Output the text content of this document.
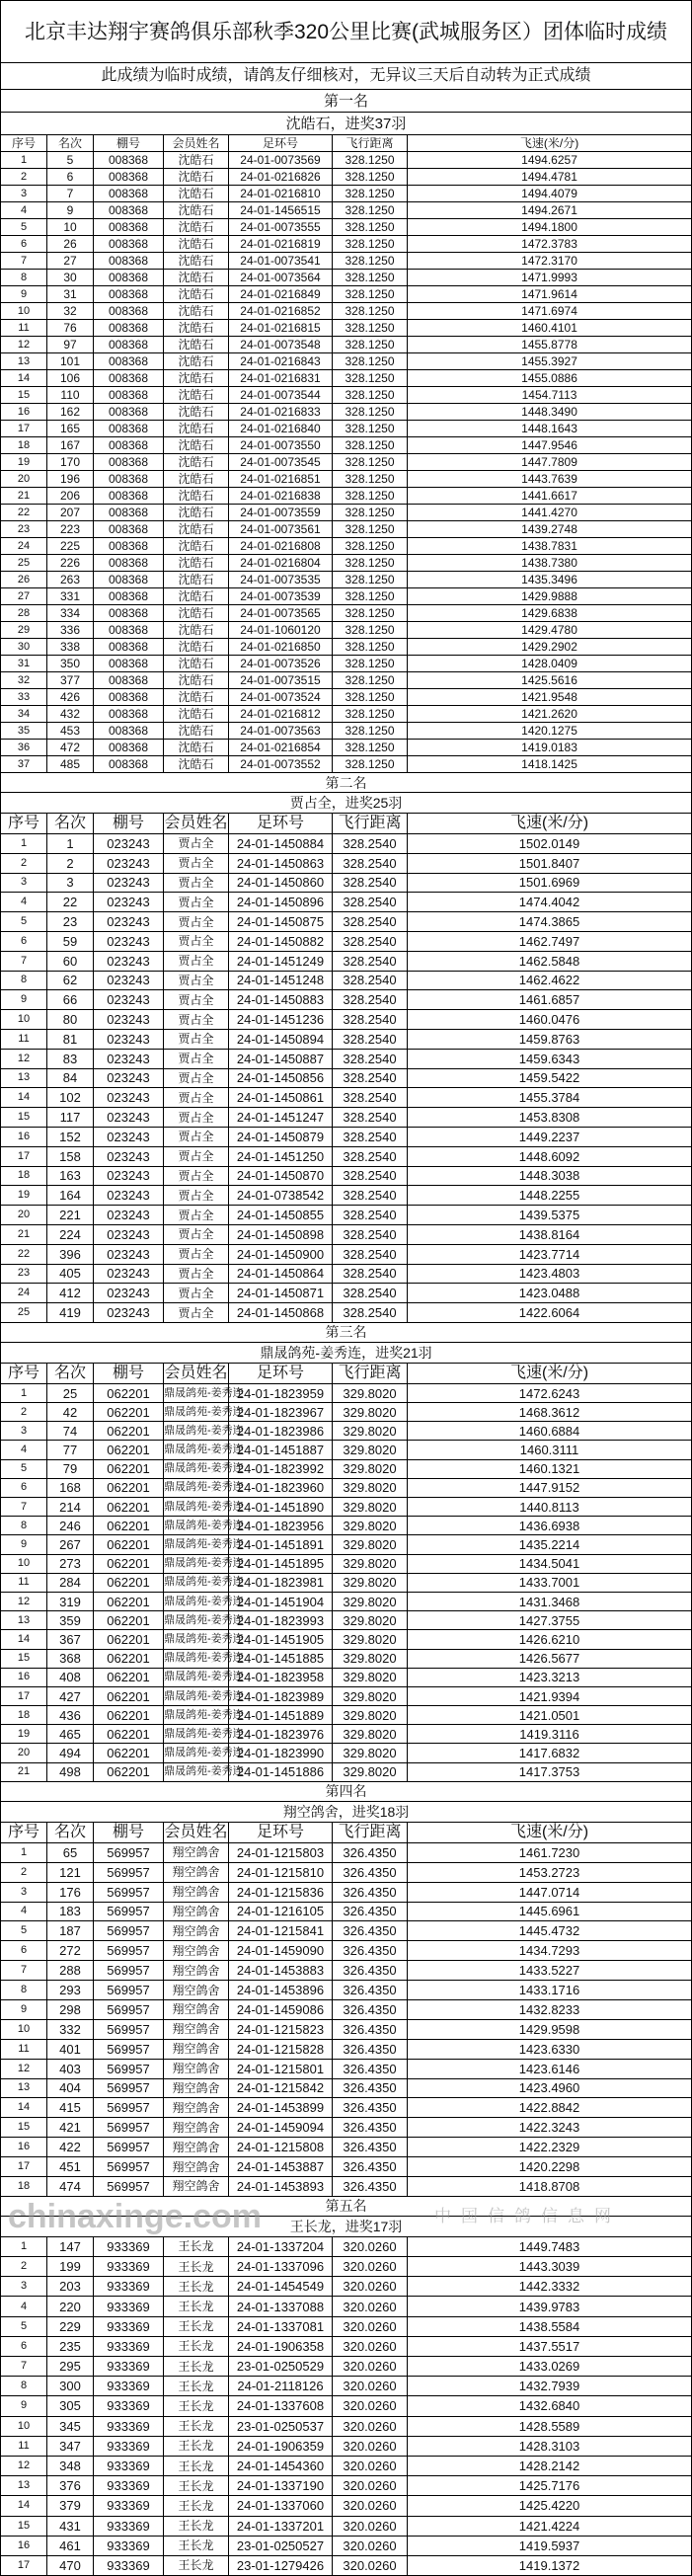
北京丰达翔宇赛鸽俱乐部秋季320公里比赛(武城服务区）团体临时成绩						
此成绩为临时成绩，请鸽友仔细核对，无异议三天后自动转为正式成绩						
第一名						
沈皓石，进奖37羽						
序号	名次	棚号	会员姓名	足环号	飞行距离	飞速(米/分)
1	5	008368	沈皓石	24-01-0073569	328.1250	1494.6257
2	6	008368	沈皓石	24-01-0216826	328.1250	1494.4781
3	7	008368	沈皓石	24-01-0216810	328.1250	1494.4079
4	9	008368	沈皓石	24-01-1456515	328.1250	1494.2671
5	10	008368	沈皓石	24-01-0073555	328.1250	1494.1800
6	26	008368	沈皓石	24-01-0216819	328.1250	1472.3783
7	27	008368	沈皓石	24-01-0073541	328.1250	1472.3170
8	30	008368	沈皓石	24-01-0073564	328.1250	1471.9993
9	31	008368	沈皓石	24-01-0216849	328.1250	1471.9614
10	32	008368	沈皓石	24-01-0216852	328.1250	1471.6974
11	76	008368	沈皓石	24-01-0216815	328.1250	1460.4101
12	97	008368	沈皓石	24-01-0073548	328.1250	1455.8778
13	101	008368	沈皓石	24-01-0216843	328.1250	1455.3927
14	106	008368	沈皓石	24-01-0216831	328.1250	1455.0886
15	110	008368	沈皓石	24-01-0073544	328.1250	1454.7113
16	162	008368	沈皓石	24-01-0216833	328.1250	1448.3490
17	165	008368	沈皓石	24-01-0216840	328.1250	1448.1643
18	167	008368	沈皓石	24-01-0073550	328.1250	1447.9546
19	170	008368	沈皓石	24-01-0073545	328.1250	1447.7809
20	196	008368	沈皓石	24-01-0216851	328.1250	1443.7639
21	206	008368	沈皓石	24-01-0216838	328.1250	1441.6617
22	207	008368	沈皓石	24-01-0073559	328.1250	1441.4270
23	223	008368	沈皓石	24-01-0073561	328.1250	1439.2748
24	225	008368	沈皓石	24-01-0216808	328.1250	1438.7831
25	226	008368	沈皓石	24-01-0216804	328.1250	1438.7380
26	263	008368	沈皓石	24-01-0073535	328.1250	1435.3496
27	331	008368	沈皓石	24-01-0073539	328.1250	1429.9888
28	334	008368	沈皓石	24-01-0073565	328.1250	1429.6838
29	336	008368	沈皓石	24-01-1060120	328.1250	1429.4780
30	338	008368	沈皓石	24-01-0216850	328.1250	1429.2902
31	350	008368	沈皓石	24-01-0073526	328.1250	1428.0409
32	377	008368	沈皓石	24-01-0073515	328.1250	1425.5616
33	426	008368	沈皓石	24-01-0073524	328.1250	1421.9548
34	432	008368	沈皓石	24-01-0216812	328.1250	1421.2620
35	453	008368	沈皓石	24-01-0073563	328.1250	1420.1275
36	472	008368	沈皓石	24-01-0216854	328.1250	1419.0183
37	485	008368	沈皓石	24-01-0073552	328.1250	1418.1425
第二名						
贾占全，进奖25羽						
序号	名次	棚号	会员姓名	足环号	飞行距离	飞速(米/分)
1	1	023243	贾占全	24-01-1450884	328.2540	1502.0149
2	2	023243	贾占全	24-01-1450863	328.2540	1501.8407
3	3	023243	贾占全	24-01-1450860	328.2540	1501.6969
4	22	023243	贾占全	24-01-1450896	328.2540	1474.4042
5	23	023243	贾占全	24-01-1450875	328.2540	1474.3865
6	59	023243	贾占全	24-01-1450882	328.2540	1462.7497
7	60	023243	贾占全	24-01-1451249	328.2540	1462.5848
8	62	023243	贾占全	24-01-1451248	328.2540	1462.4622
9	66	023243	贾占全	24-01-1450883	328.2540	1461.6857
10	80	023243	贾占全	24-01-1451236	328.2540	1460.0476
11	81	023243	贾占全	24-01-1450894	328.2540	1459.8763
12	83	023243	贾占全	24-01-1450887	328.2540	1459.6343
13	84	023243	贾占全	24-01-1450856	328.2540	1459.5422
14	102	023243	贾占全	24-01-1450861	328.2540	1455.3784
15	117	023243	贾占全	24-01-1451247	328.2540	1453.8308
16	152	023243	贾占全	24-01-1450879	328.2540	1449.2237
17	158	023243	贾占全	24-01-1451250	328.2540	1448.6092
18	163	023243	贾占全	24-01-1450870	328.2540	1448.3038
19	164	023243	贾占全	24-01-0738542	328.2540	1448.2255
20	221	023243	贾占全	24-01-1450855	328.2540	1439.5375
21	224	023243	贾占全	24-01-1450898	328.2540	1438.8164
22	396	023243	贾占全	24-01-1450900	328.2540	1423.7714
23	405	023243	贾占全	24-01-1450864	328.2540	1423.4803
24	412	023243	贾占全	24-01-1450871	328.2540	1423.0488
25	419	023243	贾占全	24-01-1450868	328.2540	1422.6064
第三名						
鼎晟鸽苑-姜秀连，进奖21羽						
序号	名次	棚号	会员姓名	足环号	飞行距离	飞速(米/分)
1	25	062201	鼎晟鸽苑-姜秀连	24-01-1823959	329.8020	1472.6243
2	42	062201	鼎晟鸽苑-姜秀连	24-01-1823967	329.8020	1468.3612
3	74	062201	鼎晟鸽苑-姜秀连	24-01-1823986	329.8020	1460.6884
4	77	062201	鼎晟鸽苑-姜秀连	24-01-1451887	329.8020	1460.3111
5	79	062201	鼎晟鸽苑-姜秀连	24-01-1823992	329.8020	1460.1321
6	168	062201	鼎晟鸽苑-姜秀连	24-01-1823960	329.8020	1447.9152
7	214	062201	鼎晟鸽苑-姜秀连	24-01-1451890	329.8020	1440.8113
8	246	062201	鼎晟鸽苑-姜秀连	24-01-1823956	329.8020	1436.6938
9	267	062201	鼎晟鸽苑-姜秀连	24-01-1451891	329.8020	1435.2214
10	273	062201	鼎晟鸽苑-姜秀连	24-01-1451895	329.8020	1434.5041
11	284	062201	鼎晟鸽苑-姜秀连	24-01-1823981	329.8020	1433.7001
12	319	062201	鼎晟鸽苑-姜秀连	24-01-1451904	329.8020	1431.3468
13	359	062201	鼎晟鸽苑-姜秀连	24-01-1823993	329.8020	1427.3755
14	367	062201	鼎晟鸽苑-姜秀连	24-01-1451905	329.8020	1426.6210
15	368	062201	鼎晟鸽苑-姜秀连	24-01-1451885	329.8020	1426.5677
16	408	062201	鼎晟鸽苑-姜秀连	24-01-1823958	329.8020	1423.3213
17	427	062201	鼎晟鸽苑-姜秀连	24-01-1823989	329.8020	1421.9394
18	436	062201	鼎晟鸽苑-姜秀连	24-01-1451889	329.8020	1421.0501
19	465	062201	鼎晟鸽苑-姜秀连	24-01-1823976	329.8020	1419.3116
20	494	062201	鼎晟鸽苑-姜秀连	24-01-1823990	329.8020	1417.6832
21	498	062201	鼎晟鸽苑-姜秀连	24-01-1451886	329.8020	1417.3753
第四名						
翔空鸽舍，进奖18羽						
序号	名次	棚号	会员姓名	足环号	飞行距离	飞速(米/分)
1	65	569957	翔空鸽舍	24-01-1215803	326.4350	1461.7230
2	121	569957	翔空鸽舍	24-01-1215810	326.4350	1453.2723
3	176	569957	翔空鸽舍	24-01-1215836	326.4350	1447.0714
4	183	569957	翔空鸽舍	24-01-1216105	326.4350	1445.6961
5	187	569957	翔空鸽舍	24-01-1215841	326.4350	1445.4732
6	272	569957	翔空鸽舍	24-01-1459090	326.4350	1434.7293
7	288	569957	翔空鸽舍	24-01-1453883	326.4350	1433.5227
8	293	569957	翔空鸽舍	24-01-1453896	326.4350	1433.1716
9	298	569957	翔空鸽舍	24-01-1459086	326.4350	1432.8233
10	332	569957	翔空鸽舍	24-01-1215823	326.4350	1429.9598
11	401	569957	翔空鸽舍	24-01-1215828	326.4350	1423.6330
12	403	569957	翔空鸽舍	24-01-1215801	326.4350	1423.6146
13	404	569957	翔空鸽舍	24-01-1215842	326.4350	1423.4960
14	415	569957	翔空鸽舍	24-01-1453899	326.4350	1422.8842
15	421	569957	翔空鸽舍	24-01-1459094	326.4350	1422.3243
16	422	569957	翔空鸽舍	24-01-1215808	326.4350	1422.2329
17	451	569957	翔空鸽舍	24-01-1453887	326.4350	1420.2298
18	474	569957	翔空鸽舍	24-01-1453893	326.4350	1418.8708
第五名						
王长龙，进奖17羽						
1	147	933369	王长龙	24-01-1337204	320.0260	1449.7483
2	199	933369	王长龙	24-01-1337096	320.0260	1443.3039
3	203	933369	王长龙	24-01-1454549	320.0260	1442.3332
4	220	933369	王长龙	24-01-1337088	320.0260	1439.9783
5	229	933369	王长龙	24-01-1337081	320.0260	1438.5584
6	235	933369	王长龙	24-01-1906358	320.0260	1437.5517
7	295	933369	王长龙	23-01-0250529	320.0260	1433.0269
8	300	933369	王长龙	24-01-2118126	320.0260	1432.7939
9	305	933369	王长龙	24-01-1337608	320.0260	1432.6840
10	345	933369	王长龙	23-01-0250537	320.0260	1428.5589
11	347	933369	王长龙	24-01-1906359	320.0260	1428.3103
12	348	933369	王长龙	24-01-1454360	320.0260	1428.2142
13	376	933369	王长龙	24-01-1337190	320.0260	1425.7176
14	379	933369	王长龙	24-01-1337060	320.0260	1425.4220
15	431	933369	王长龙	24-01-1337201	320.0260	1421.4224
16	461	933369	王长龙	23-01-0250527	320.0260	1419.5937
17	470	933369	王长龙	23-01-1279426	320.0260	1419.1372
chinaxinge.com	中国信鸽信息网
